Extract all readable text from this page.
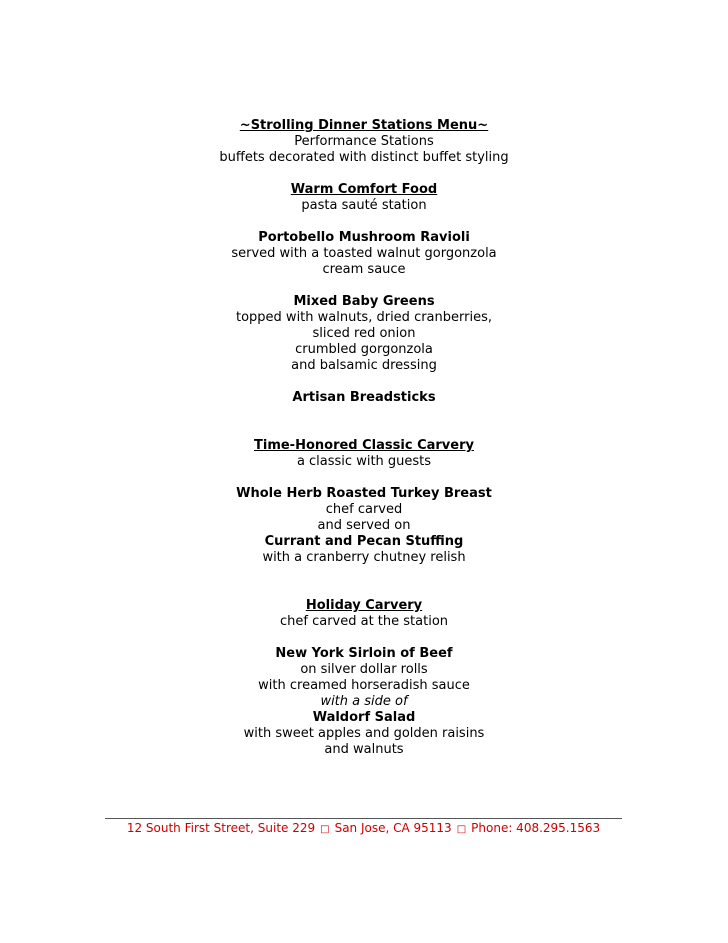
~Strolling Dinner Stations Menu~
Performance Stations
buffets decorated with distinct buffet styling
Warm Comfort Food
pasta sauté station
Portobello Mushroom Ravioli
served with a toasted walnut gorgonzola
cream sauce
Mixed Baby Greens
topped with walnuts, dried cranberries,
sliced red onion
crumbled gorgonzola
and balsamic dressing
Artisan Breadsticks
Time-Honored Classic Carvery
a classic with guests
Whole Herb Roasted Turkey Breast
chef carved
and served on
Currant and Pecan Stuffing
with a cranberry chutney relish
Holiday Carvery
chef carved at the station
New York Sirloin of Beef
on silver dollar rolls
with creamed horseradish sauce
with a side of
Waldorf Salad
with sweet apples and golden raisins
and walnuts
12 South First Street, Suite 229 □ San Jose, CA 95113 □ Phone: 408.295.1563
